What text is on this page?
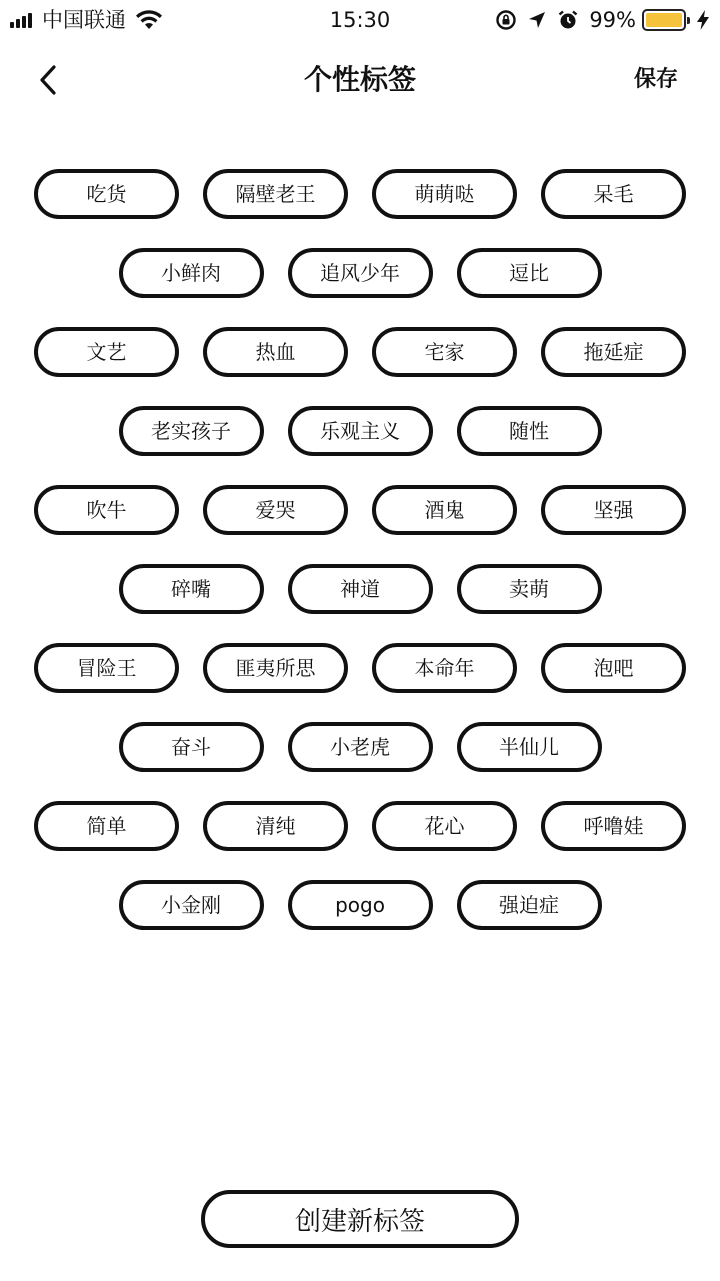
中国联通	15:30	99%
个性标签	保存
吃货	隔壁老王	萌萌哒	呆毛
小鲜肉	追风少年	逗比
文艺	热血	宅家	拖延症
老实孩子	乐观主义	随性
吹牛	爱哭	酒鬼	坚强
碎嘴	神道	卖萌
冒险王	匪夷所思	本命年	泡吧
奋斗	小老虎	半仙儿
简单	清纯	花心	呼噜娃
小金刚	pogo	强迫症
创建新标签
